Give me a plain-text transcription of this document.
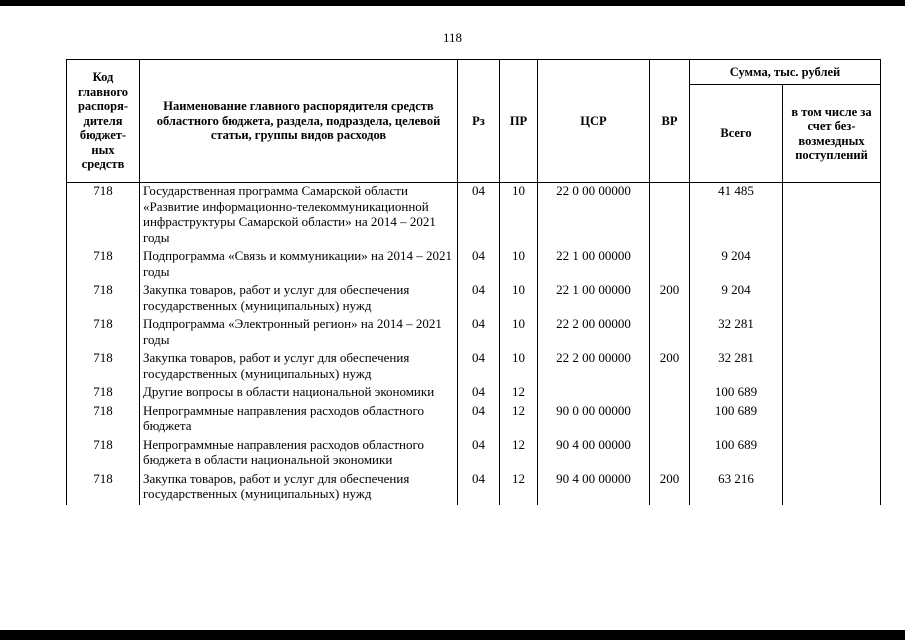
118
Код главного распоря-дителя бюджет-ных средств	Наименование главного распорядителя средств областного бюджета, раздела, подраздела, целевой статьи, группы видов расходов	Рз	ПР	ЦСР	ВР	Сумма, тыс. рублей	
						Всего	в том числе за счет без-возмездных поступлений
718	Государственная программа Самарской области «Развитие информационно-телекоммуникационной инфраструктуры Самарской области» на 2014 – 2021 годы	04	10	22 0 00 00000		41 485	
718	Подпрограмма «Связь и коммуникации» на 2014 – 2021 годы	04	10	22 1 00 00000		9 204	
718	Закупка товаров, работ и услуг для обеспечения государственных (муниципальных) нужд	04	10	22 1 00 00000	200	9 204	
718	Подпрограмма «Электронный регион» на 2014 – 2021 годы	04	10	22 2 00 00000		32 281	
718	Закупка товаров, работ и услуг для обеспечения государственных (муниципальных) нужд	04	10	22 2 00 00000	200	32 281	
718	Другие вопросы в области национальной экономики	04	12			100 689	
718	Непрограммные направления расходов областного бюджета	04	12	90 0 00 00000		100 689	
718	Непрограммные направления расходов областного бюджета в области национальной экономики	04	12	90 4 00 00000		100 689	
718	Закупка товаров, работ и услуг для обеспечения государственных (муниципальных) нужд	04	12	90 4 00 00000	200	63 216	
